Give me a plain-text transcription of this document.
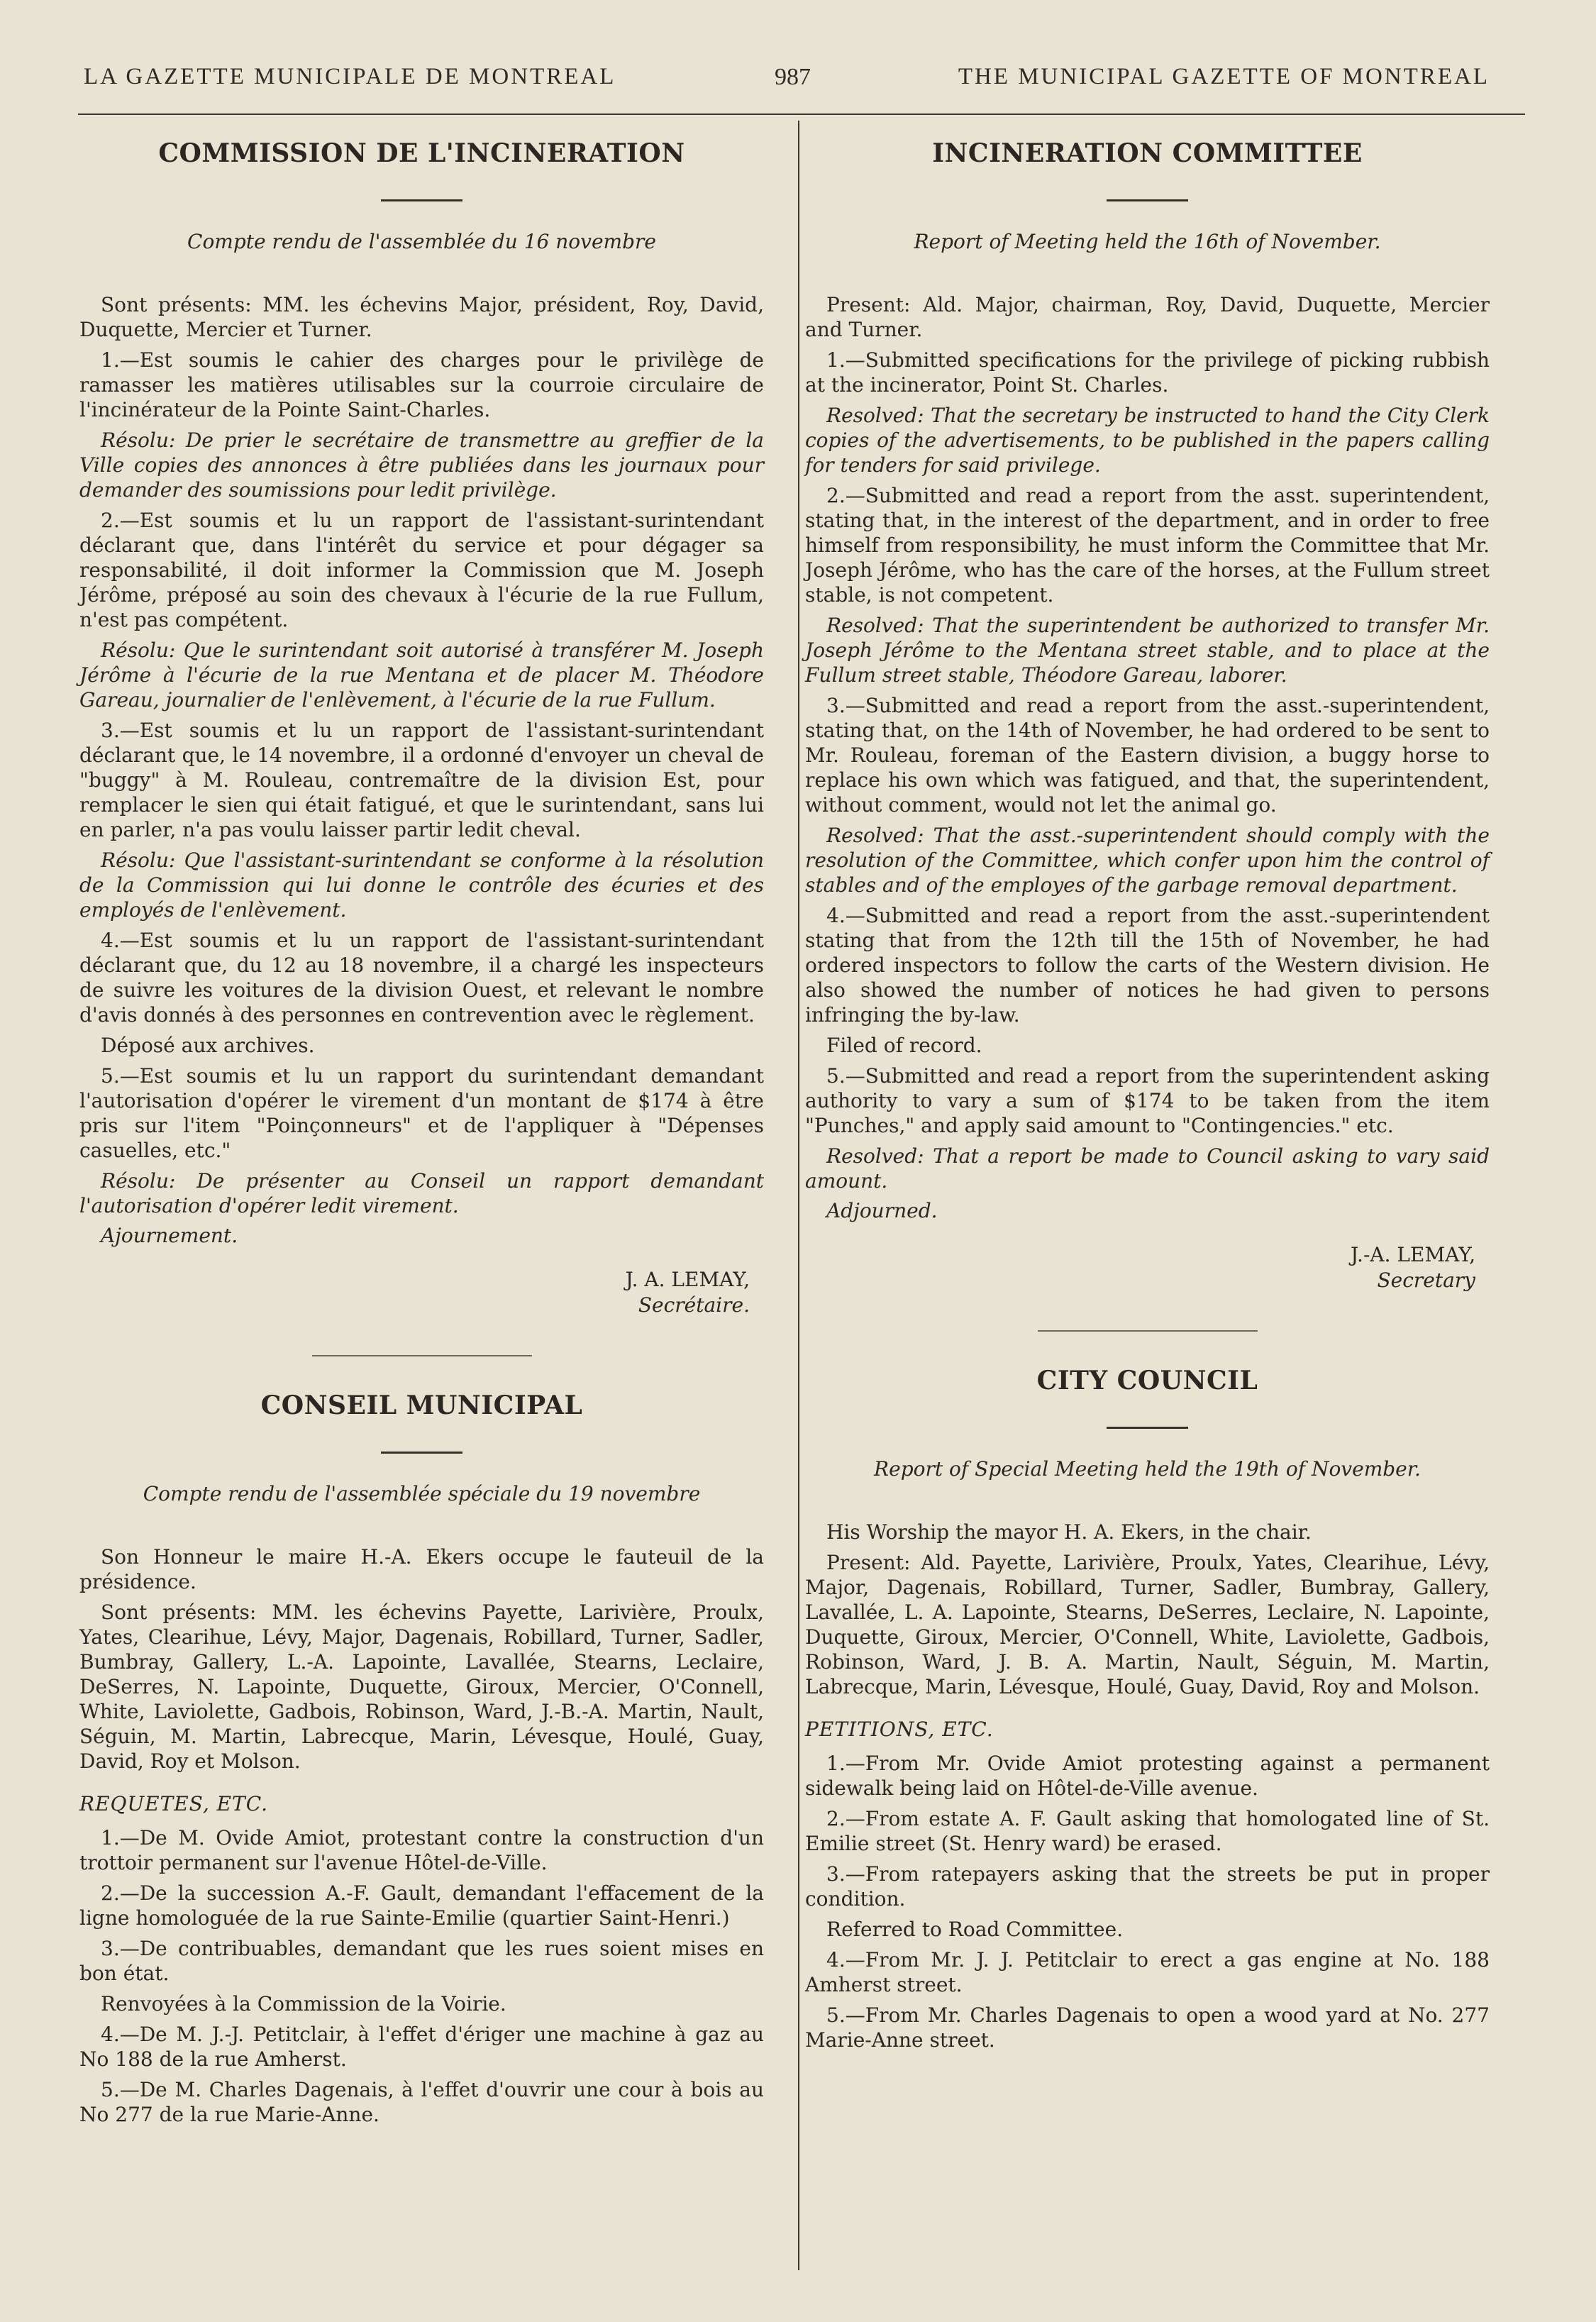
LA GAZETTE MUNICIPALE DE MONTREAL	987	THE MUNICIPAL GAZETTE OF MONTREAL
COMMISSION DE L'INCINERATION

Compte rendu de l'assemblée du 16 novembre

Sont présents: MM. les échevins Major, président, Roy, David, Duquette, Mercier et Turner.

1.—Est soumis le cahier des charges pour le privilège de ramasser les matières utilisables sur la courroie circulaire de l'incinérateur de la Pointe Saint-Charles.

Résolu: De prier le secrétaire de transmettre au greffier de la Ville copies des annonces à être publiées dans les journaux pour demander des soumissions pour ledit privilège.

2.—Est soumis et lu un rapport de l'assistant-surintendant déclarant que, dans l'intérêt du service et pour dégager sa responsabilité, il doit informer la Commission que M. Joseph Jérôme, préposé au soin des chevaux à l'écurie de la rue Fullum, n'est pas compétent.

Résolu: Que le surintendant soit autorisé à transférer M. Joseph Jérôme à l'écurie de la rue Mentana et de placer M. Théodore Gareau, journalier de l'enlèvement, à l'écurie de la rue Fullum.

3.—Est soumis et lu un rapport de l'assistant-surintendant déclarant que, le 14 novembre, il a ordonné d'envoyer un cheval de "buggy" à M. Rouleau, contremaître de la division Est, pour remplacer le sien qui était fatigué, et que le surintendant, sans lui en parler, n'a pas voulu laisser partir ledit cheval.

Résolu: Que l'assistant-surintendant se conforme à la résolution de la Commission qui lui donne le contrôle des écuries et des employés de l'enlèvement.

4.—Est soumis et lu un rapport de l'assistant-surintendant déclarant que, du 12 au 18 novembre, il a chargé les inspecteurs de suivre les voitures de la division Ouest, et relevant le nombre d'avis donnés à des personnes en contrevention avec le règlement.

Déposé aux archives.

5.—Est soumis et lu un rapport du surintendant demandant l'autorisation d'opérer le virement d'un montant de $174 à être pris sur l'item "Poinçonneurs" et de l'appliquer à "Dépenses casuelles, etc."

Résolu: De présenter au Conseil un rapport demandant l'autorisation d'opérer ledit virement.

Ajournement.

J. A. LEMAY,

Secrétaire.

CONSEIL MUNICIPAL

Compte rendu de l'assemblée spéciale du 19 novembre

Son Honneur le maire H.-A. Ekers occupe le fauteuil de la présidence.

Sont présents: MM. les échevins Payette, Larivière, Proulx, Yates, Clearihue, Lévy, Major, Dagenais, Robillard, Turner, Sadler, Bumbray, Gallery, L.-A. Lapointe, Lavallée, Stearns, Leclaire, DeSerres, N. Lapointe, Duquette, Giroux, Mercier, O'Connell, White, Laviolette, Gadbois, Robinson, Ward, J.-B.-A. Martin, Nault, Séguin, M. Martin, Labrecque, Marin, Lévesque, Houlé, Guay, David, Roy et Molson.

REQUETES, ETC.

1.—De M. Ovide Amiot, protestant contre la construction d'un trottoir permanent sur l'avenue Hôtel-de-Ville.

2.—De la succession A.-F. Gault, demandant l'effacement de la ligne homologuée de la rue Sainte-Emilie (quartier Saint-Henri.)

3.—De contribuables, demandant que les rues soient mises en bon état.

Renvoyées à la Commission de la Voirie.

4.—De M. J.-J. Petitclair, à l'effet d'ériger une machine à gaz au No 188 de la rue Amherst.

5.—De M. Charles Dagenais, à l'effet d'ouvrir une cour à bois au No 277 de la rue Marie-Anne.

INCINERATION COMMITTEE

Report of Meeting held the 16th of November.

Present: Ald. Major, chairman, Roy, David, Duquette, Mercier and Turner.

1.—Submitted specifications for the privilege of picking rubbish at the incinerator, Point St. Charles.

Resolved: That the secretary be instructed to hand the City Clerk copies of the advertisements, to be published in the papers calling for tenders for said privilege.

2.—Submitted and read a report from the asst. superintendent, stating that, in the interest of the department, and in order to free himself from responsibility, he must inform the Committee that Mr. Joseph Jérôme, who has the care of the horses, at the Fullum street stable, is not competent.

Resolved: That the superintendent be authorized to transfer Mr. Joseph Jérôme to the Mentana street stable, and to place at the Fullum street stable, Théodore Gareau, laborer.

3.—Submitted and read a report from the asst.-superintendent, stating that, on the 14th of November, he had ordered to be sent to Mr. Rouleau, foreman of the Eastern division, a buggy horse to replace his own which was fatigued, and that, the superintendent, without comment, would not let the animal go.

Resolved: That the asst.-superintendent should comply with the resolution of the Committee, which confer upon him the control of stables and of the employes of the garbage removal department.

4.—Submitted and read a report from the asst.-superintendent stating that from the 12th till the 15th of November, he had ordered inspectors to follow the carts of the Western division. He also showed the number of notices he had given to persons infringing the by-law.

Filed of record.

5.—Submitted and read a report from the superintendent asking authority to vary a sum of $174 to be taken from the item "Punches," and apply said amount to "Contingencies." etc.

Resolved: That a report be made to Council asking to vary said amount.

Adjourned.

J.-A. LEMAY,

Secretary

CITY COUNCIL

Report of Special Meeting held the 19th of November.

His Worship the mayor H. A. Ekers, in the chair.

Present: Ald. Payette, Larivière, Proulx, Yates, Clearihue, Lévy, Major, Dagenais, Robillard, Turner, Sadler, Bumbray, Gallery, Lavallée, L. A. Lapointe, Stearns, DeSerres, Leclaire, N. Lapointe, Duquette, Giroux, Mercier, O'Connell, White, Laviolette, Gadbois, Robinson, Ward, J. B. A. Martin, Nault, Séguin, M. Martin, Labrecque, Marin, Lévesque, Houlé, Guay, David, Roy and Molson.

PETITIONS, ETC.

1.—From Mr. Ovide Amiot protesting against a permanent sidewalk being laid on Hôtel-de-Ville avenue.

2.—From estate A. F. Gault asking that homologated line of St. Emilie street (St. Henry ward) be erased.

3.—From ratepayers asking that the streets be put in proper condition.

Referred to Road Committee.

4.—From Mr. J. J. Petitclair to erect a gas engine at No. 188 Amherst street.

5.—From Mr. Charles Dagenais to open a wood yard at No. 277 Marie-Anne street.
